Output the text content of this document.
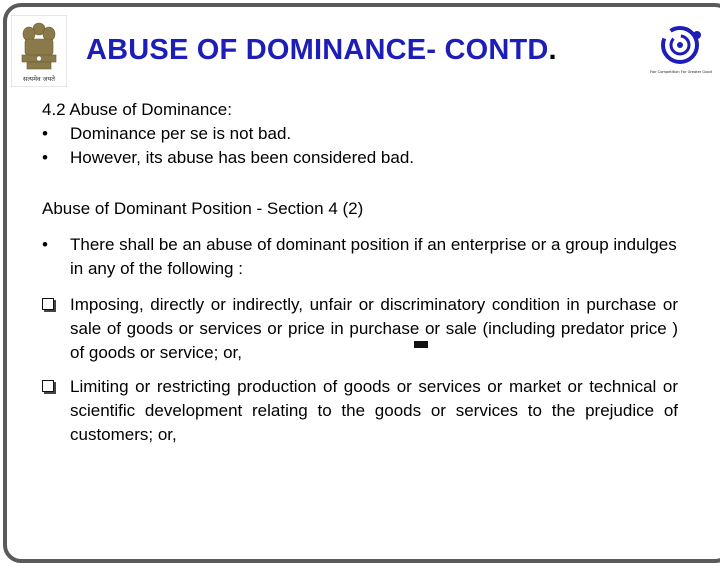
सत्यमेव जयते
ABUSE OF DOMINANCE- CONTD.
Fair Competition For Greater Good
4.2 Abuse of Dominance:
•	Dominance per se is not bad.
•	However, its abuse has been considered bad.
Abuse of Dominant Position - Section 4 (2)
•	There shall be an abuse of dominant position if an enterprise or a group indulges in any of the following :
Imposing, directly or indirectly, unfair or discriminatory condition in purchase or sale of goods or services or price in purchase or sale (including predator price ) of goods or service; or,
Limiting or restricting production of goods or services or market or technical or scientific development relating to the goods or services to the prejudice of customers; or,
